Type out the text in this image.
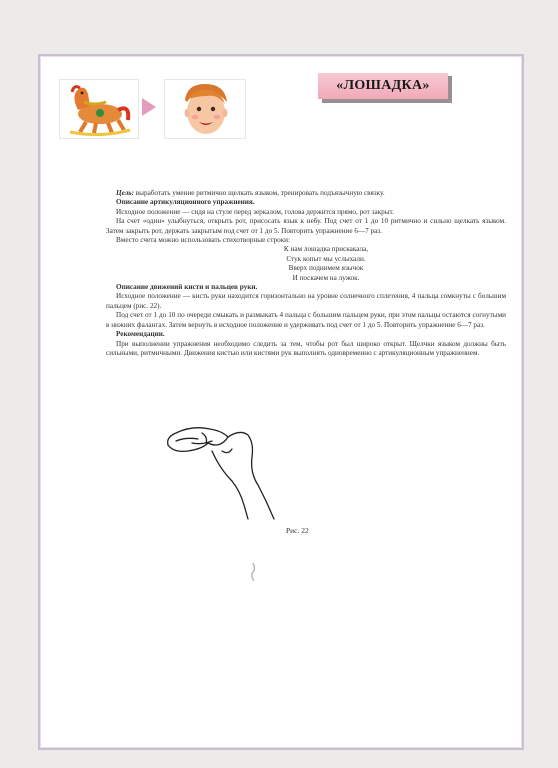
«ЛОШАДКА»

Цель: выработать умение ритмично щелкать языком, тренировать подъязычную связку.

Описание артикуляционного упражнения.

Исходное положение — сидя на стуле перед зеркалом, голова держится прямо, рот закрыт.

На счет «один» улыбнуться, открыть рот, присосать язык к небу. Под счет от 1 до 10 ритмично и сильно щелкать языком. Затем закрыть рот, держать закрытым под счет от 1 до 5. Повторить упражнение 6—7 раз.

Вместо счета можно использовать стихотворные строки:

К нам лошадка прискакала,

Стук копыт мы услыхали.

Вверх поднимем язычок

И поскачем на лужок.

Описание движений кисти и пальцев руки.

Исходное положение — кисть руки находится горизонтально на уровне солнечного сплетения, 4 пальца сомкнуты с большим пальцем (рис. 22).

Под счет от 1 до 10 по очереди смыкать и размыкать 4 пальца с большим пальцем руки, при этом пальцы остаются согнутыми в нижних фалангах. Затем вернуть в исходное положение и удерживать под счет от 1 до 5. Повторить упражнение 6—7 раз.

Рекомендации.

При выполнении упражнения необходимо следить за тем, чтобы рот был широко открыт. Щелчки языком должны быть сильными, ритмичными. Движения кистью или кистями рук выполнять одновременно с артикуляционным упражнением.

Рис. 22
